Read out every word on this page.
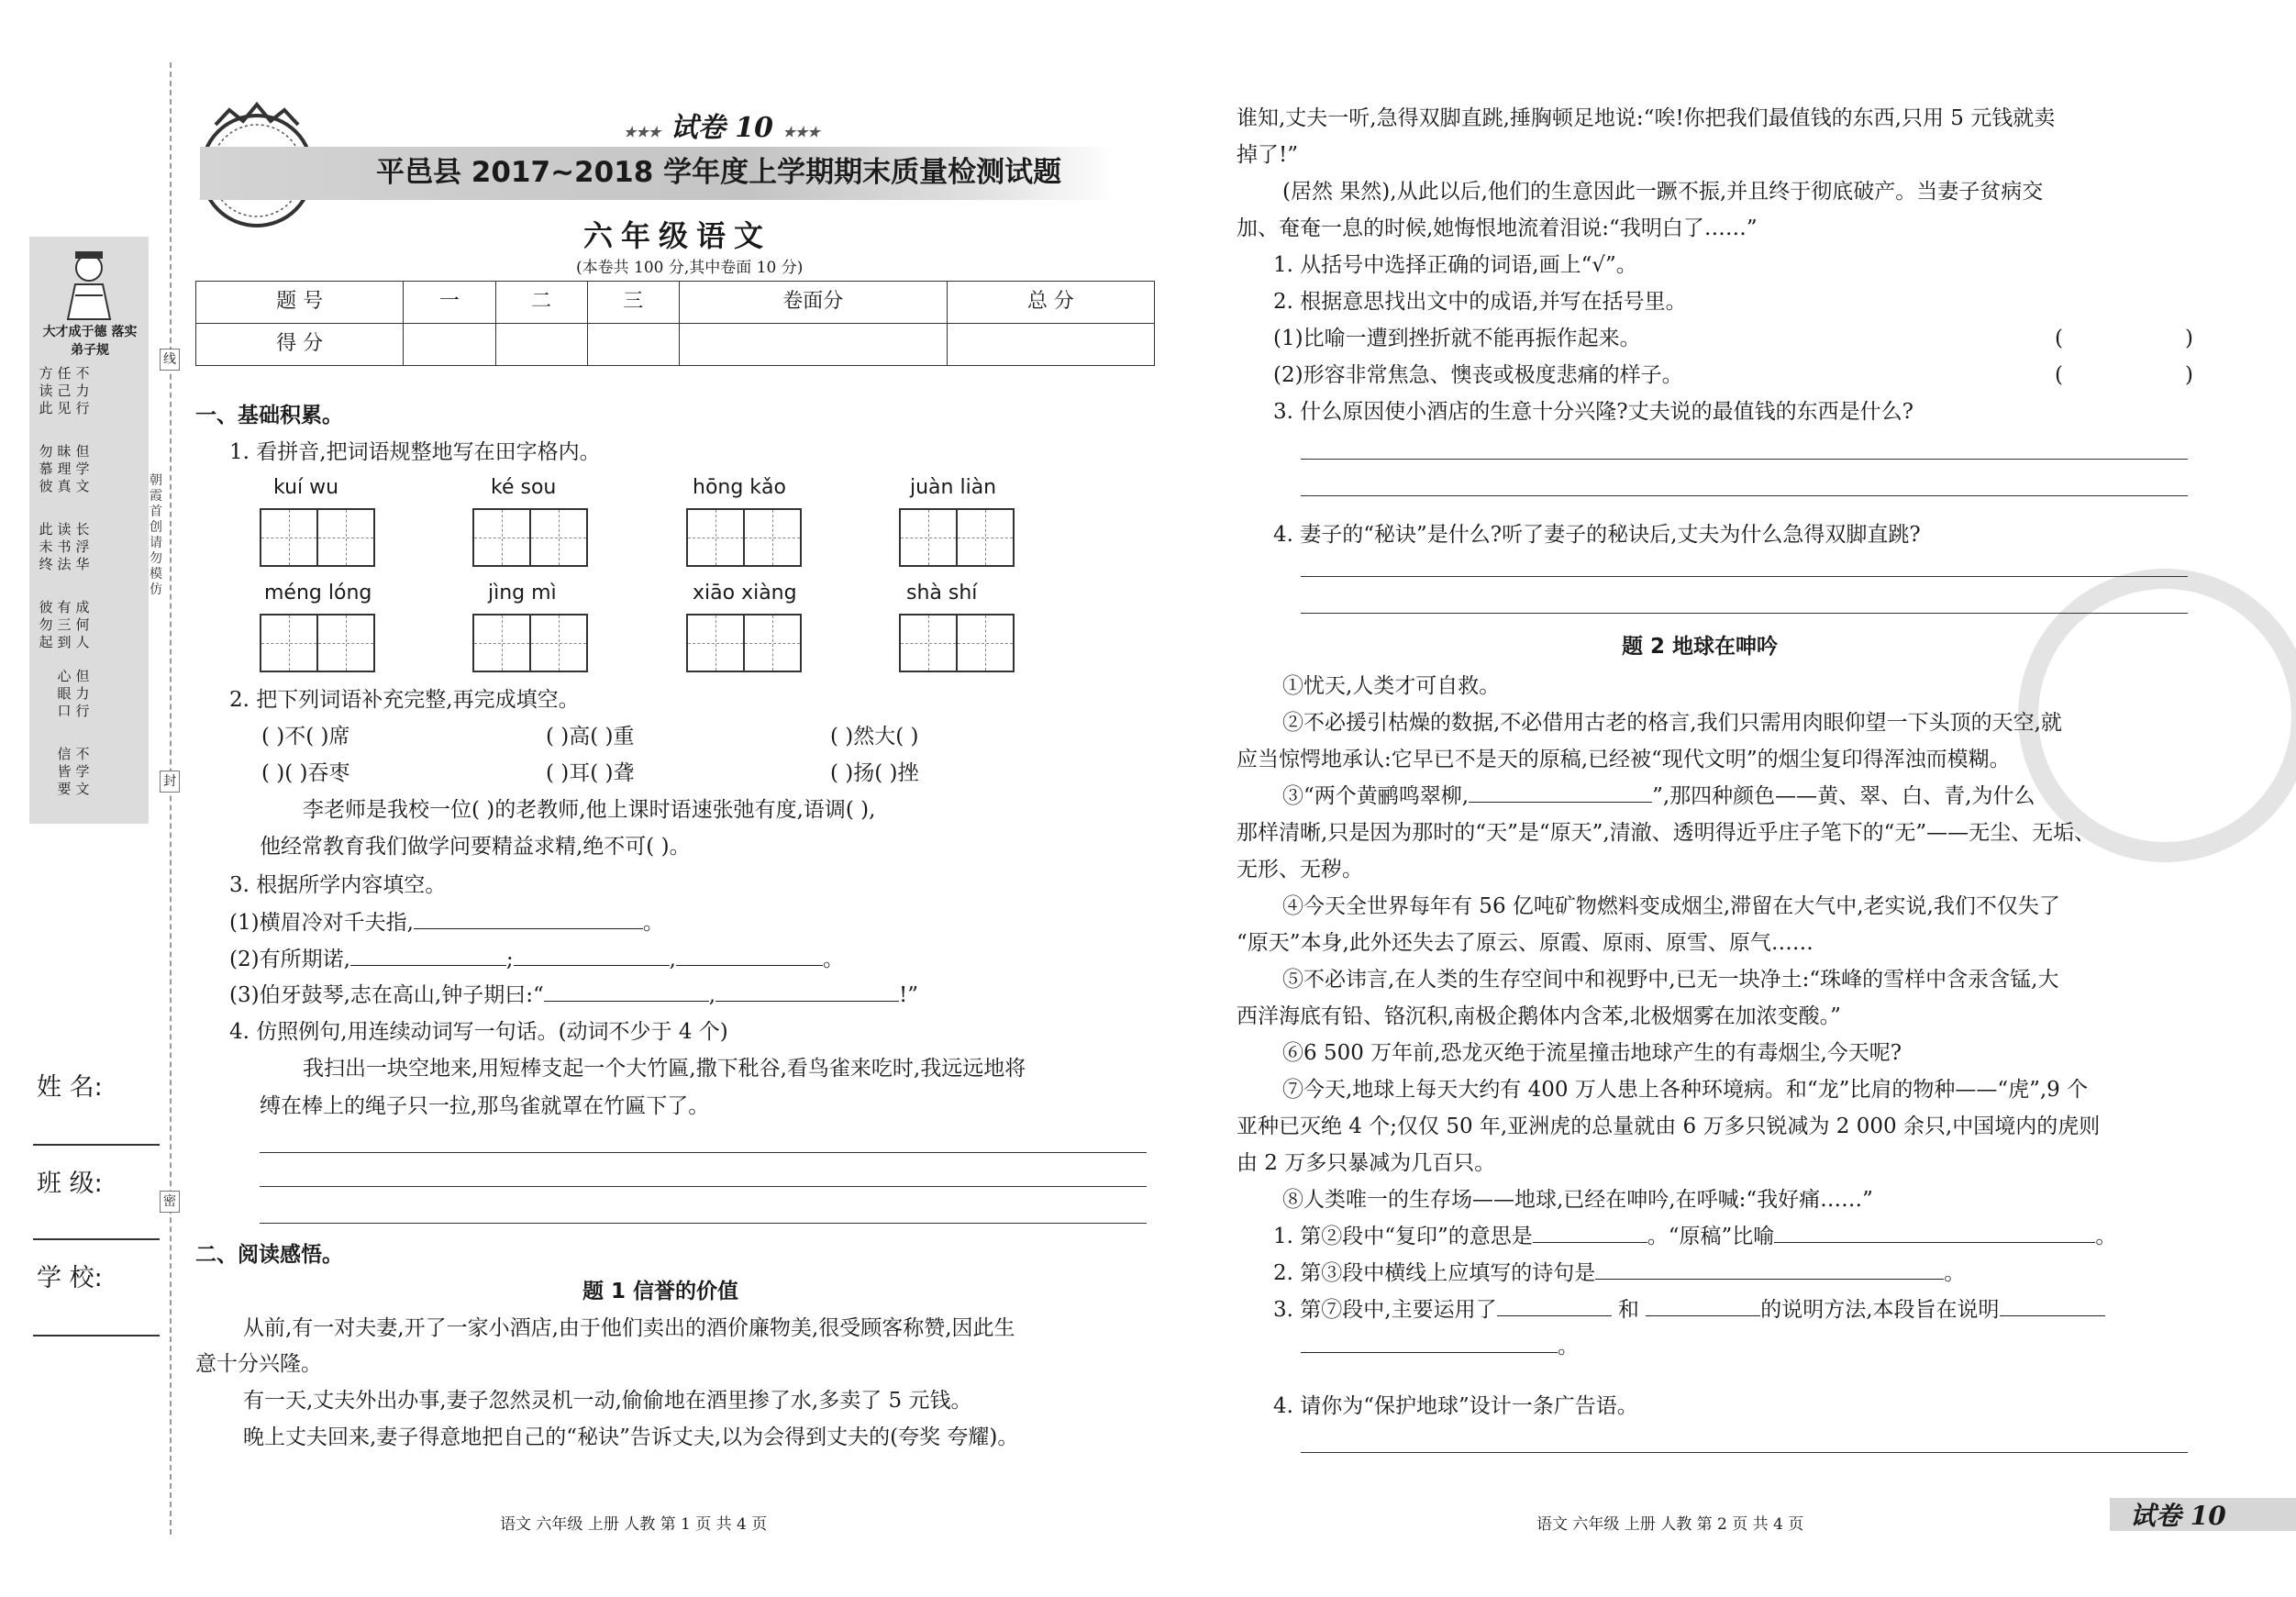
大才成于德 落实弟子规
方读此
任己见
不力行
勿慕彼
昧理真
但学文
此未终
读书法
长浮华
彼勿起
有三到
成何人
心眼口
但力行
信皆要
不学文
朝霞首创 请勿模仿
线
封
密
姓 名:
班 级:
学 校:
★★★ 试卷 10 ★★★
平邑县 2017~2018 学年度上学期期末质量检测试题
六年级语文
(本卷共 100 分,其中卷面 10 分)
题 号	一	二	三	卷面分	总 分
得 分					
一、基础积累。
1. 看拼音,把词语规整地写在田字格内。
kuí wu	ké sou	hōng kǎo	juàn liàn
méng lóng	jìng mì	xiāo xiàng	shà shí
2. 把下列词语补充完整,再完成填空。
( )不( )席	( )高( )重	( )然大( )
( )( )吞枣	( )耳( )聋	( )扬( )挫
李老师是我校一位( )的老教师,他上课时语速张弛有度,语调( ),
他经常教育我们做学问要精益求精,绝不可( )。
3. 根据所学内容填空。
(1)横眉冷对千夫指,	。
(2)有所期诺,	;	,	。
(3)伯牙鼓琴,志在高山,钟子期曰:“	,	!”
4. 仿照例句,用连续动词写一句话。(动词不少于 4 个)
我扫出一块空地来,用短棒支起一个大竹匾,撒下秕谷,看鸟雀来吃时,我远远地将
缚在棒上的绳子只一拉,那鸟雀就罩在竹匾下了。
二、阅读感悟。
题 1 信誉的价值
从前,有一对夫妻,开了一家小酒店,由于他们卖出的酒价廉物美,很受顾客称赞,因此生
意十分兴隆。
有一天,丈夫外出办事,妻子忽然灵机一动,偷偷地在酒里掺了水,多卖了 5 元钱。
晚上丈夫回来,妻子得意地把自己的“秘诀”告诉丈夫,以为会得到丈夫的(夸奖 夸耀)。
语文 六年级 上册 人教 第 1 页 共 4 页
谁知,丈夫一听,急得双脚直跳,捶胸顿足地说:“唉!你把我们最值钱的东西,只用 5 元钱就卖
掉了!”
(居然 果然),从此以后,他们的生意因此一蹶不振,并且终于彻底破产。当妻子贫病交
加、奄奄一息的时候,她悔恨地流着泪说:“我明白了……”
1. 从括号中选择正确的词语,画上“√”。
2. 根据意思找出文中的成语,并写在括号里。
(1)比喻一遭到挫折就不能再振作起来。	(	)
(2)形容非常焦急、懊丧或极度悲痛的样子。	(	)
3. 什么原因使小酒店的生意十分兴隆?丈夫说的最值钱的东西是什么?
4. 妻子的“秘诀”是什么?听了妻子的秘诀后,丈夫为什么急得双脚直跳?
题 2 地球在呻吟
①忧天,人类才可自救。
②不必援引枯燥的数据,不必借用古老的格言,我们只需用肉眼仰望一下头顶的天空,就
应当惊愕地承认:它早已不是天的原稿,已经被“现代文明”的烟尘复印得浑浊而模糊。
③“两个黄鹂鸣翠柳,	”,那四种颜色——黄、翠、白、青,为什么
那样清晰,只是因为那时的“天”是“原天”,清澈、透明得近乎庄子笔下的“无”——无尘、无垢、
无形、无秽。
④今天全世界每年有 56 亿吨矿物燃料变成烟尘,滞留在大气中,老实说,我们不仅失了
“原天”本身,此外还失去了原云、原霞、原雨、原雪、原气……
⑤不必讳言,在人类的生存空间中和视野中,已无一块净土:“珠峰的雪样中含汞含锰,大
西洋海底有铅、铬沉积,南极企鹅体内含苯,北极烟雾在加浓变酸。”
⑥6 500 万年前,恐龙灭绝于流星撞击地球产生的有毒烟尘,今天呢?
⑦今天,地球上每天大约有 400 万人患上各种环境病。和“龙”比肩的物种——“虎”,9 个
亚种已灭绝 4 个;仅仅 50 年,亚洲虎的总量就由 6 万多只锐减为 2 000 余只,中国境内的虎则
由 2 万多只暴减为几百只。
⑧人类唯一的生存场——地球,已经在呻吟,在呼喊:“我好痛……”
1. 第②段中“复印”的意思是	。“原稿”比喻	。
2. 第③段中横线上应填写的诗句是	。
3. 第⑦段中,主要运用了	和	的说明方法,本段旨在说明
。
4. 请你为“保护地球”设计一条广告语。
语文 六年级 上册 人教 第 2 页 共 4 页	试卷 10
